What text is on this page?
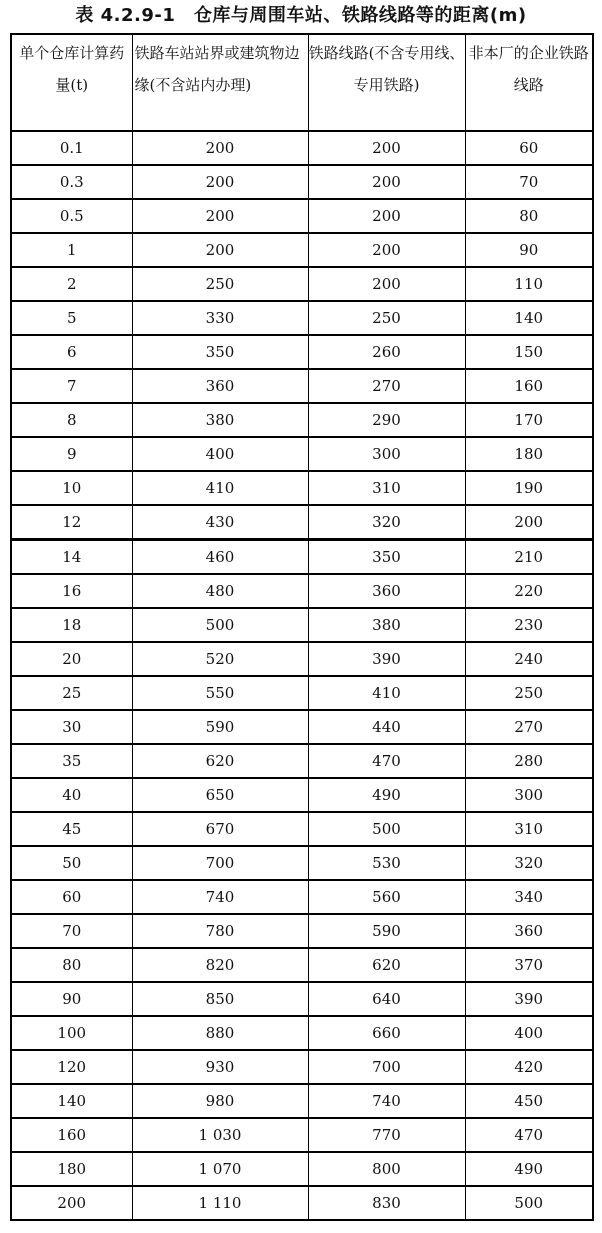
表 4.2.9-1　仓库与周围车站、铁路线路等的距离(m)
单个仓库计算药量(t)	铁路车站站界或建筑物边缘(不含站内办理)	铁路线路(不含专用线、专用铁路)	非本厂的企业铁路线路
0.1	200	200	60
0.3	200	200	70
0.5	200	200	80
1	200	200	90
2	250	200	110
5	330	250	140
6	350	260	150
7	360	270	160
8	380	290	170
9	400	300	180
10	410	310	190
12	430	320	200
14	460	350	210
16	480	360	220
18	500	380	230
20	520	390	240
25	550	410	250
30	590	440	270
35	620	470	280
40	650	490	300
45	670	500	310
50	700	530	320
60	740	560	340
70	780	590	360
80	820	620	370
90	850	640	390
100	880	660	400
120	930	700	420
140	980	740	450
160	1 030	770	470
180	1 070	800	490
200	1 110	830	500
